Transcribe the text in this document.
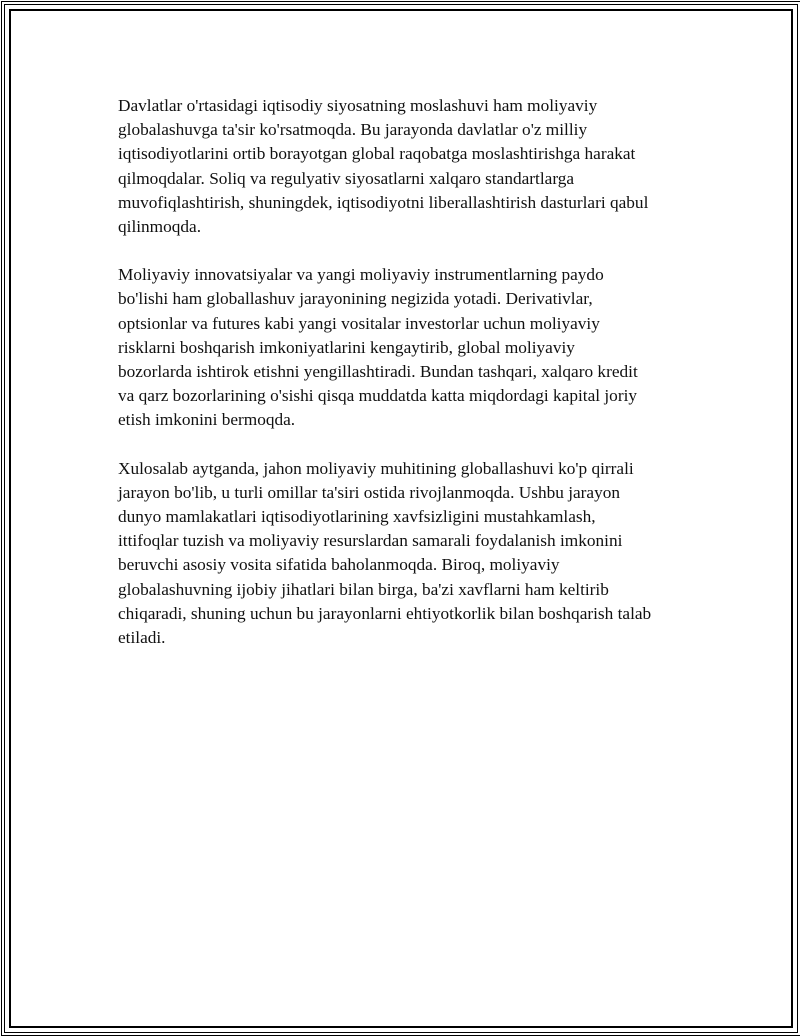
Davlatlar o'rtasidagi iqtisodiy siyosatning moslashuvi ham moliyaviy
globalashuvga ta'sir ko'rsatmoqda. Bu jarayonda davlatlar o'z milliy
iqtisodiyotlarini ortib borayotgan global raqobatga moslashtirishga harakat
qilmoqdalar. Soliq va regulyativ siyosatlarni xalqaro standartlarga
muvofiqlashtirish, shuningdek, iqtisodiyotni liberallashtirish dasturlari qabul
qilinmoqda.

Moliyaviy innovatsiyalar va yangi moliyaviy instrumentlarning paydo
bo'lishi ham globallashuv jarayonining negizida yotadi. Derivativlar,
optsionlar va futures kabi yangi vositalar investorlar uchun moliyaviy
risklarni boshqarish imkoniyatlarini kengaytirib, global moliyaviy
bozorlarda ishtirok etishni yengillashtiradi. Bundan tashqari, xalqaro kredit
va qarz bozorlarining o'sishi qisqa muddatda katta miqdordagi kapital joriy
etish imkonini bermoqda.

Xulosalab aytganda, jahon moliyaviy muhitining globallashuvi ko'p qirrali
jarayon bo'lib, u turli omillar ta'siri ostida rivojlanmoqda. Ushbu jarayon
dunyo mamlakatlari iqtisodiyotlarining xavfsizligini mustahkamlash,
ittifoqlar tuzish va moliyaviy resurslardan samarali foydalanish imkonini
beruvchi asosiy vosita sifatida baholanmoqda. Biroq, moliyaviy
globalashuvning ijobiy jihatlari bilan birga, ba'zi xavflarni ham keltirib
chiqaradi, shuning uchun bu jarayonlarni ehtiyotkorlik bilan boshqarish talab
etiladi.
